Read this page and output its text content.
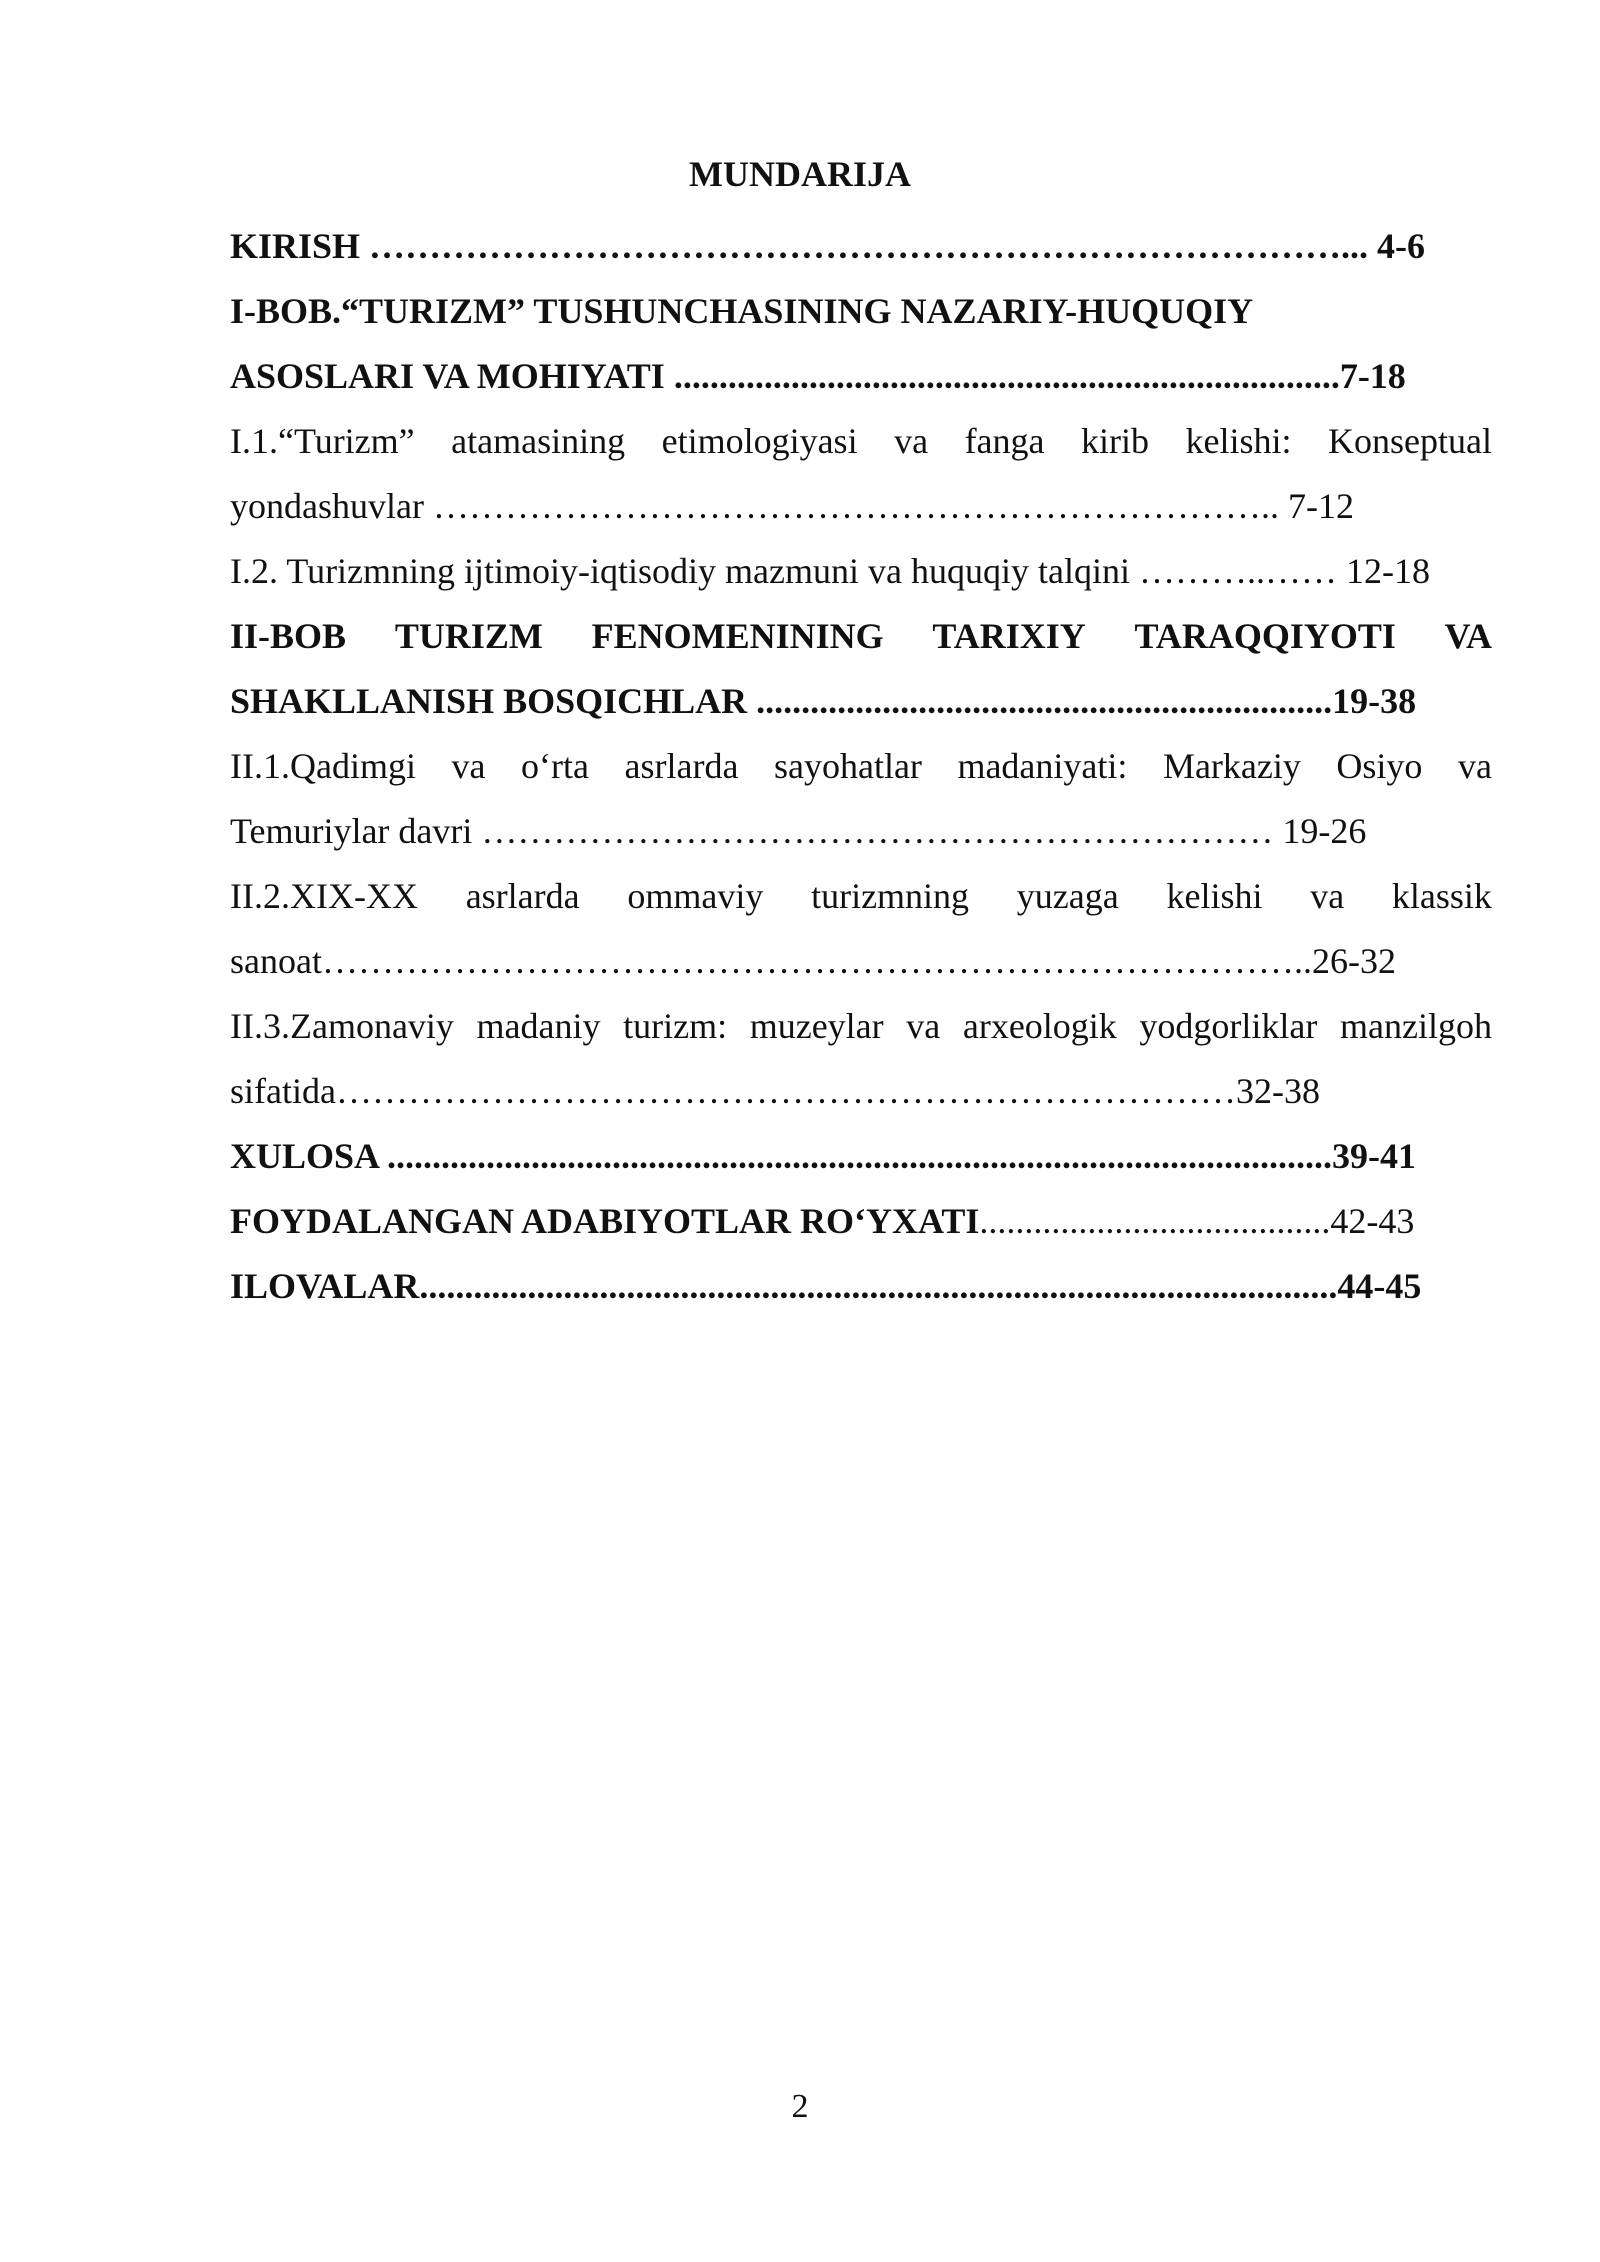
MUNDARIJA
KIRISH ………………………………………………………………………... 4-6
I-BOB.“TURIZM” TUSHUNCHASINING NAZARIY-HUQUQIY
ASOSLARI VA MOHIYATI ..........................................................................7-18
I.1.“Turizm” atamasining etimologiyasi va fanga kirib kelishi: Konseptual
yondashuvlar …………………………………………………………….. 7-12
I.2. Turizmning ijtimoiy-iqtisodiy mazmuni va huquqiy talqini ………..…… 12-18
II-BOB TURIZM FENOMENINING TARIXIY TARAQQIYOTI VA
SHAKLLANISH BOSQICHLAR ................................................................19-38
II.1.Qadimgi va o‘rta asrlarda sayohatlar madaniyati: Markaziy Osiyo va
Temuriylar davri ………………………………………………………… 19-26
II.2.XIX-XX asrlarda ommaviy turizmning yuzaga kelishi va klassik
sanoat………………………………………………………………………..26-32
II.3.Zamonaviy madaniy turizm: muzeylar va arxeologik yodgorliklar manzilgoh
sifatida…………………………………………………………………32-38
XULOSA .........................................................................................................39-41
FOYDALANGAN ADABIYOTLAR RO‘YXATI.......................................42-43
ILOVALAR......................................................................................................44-45
2
